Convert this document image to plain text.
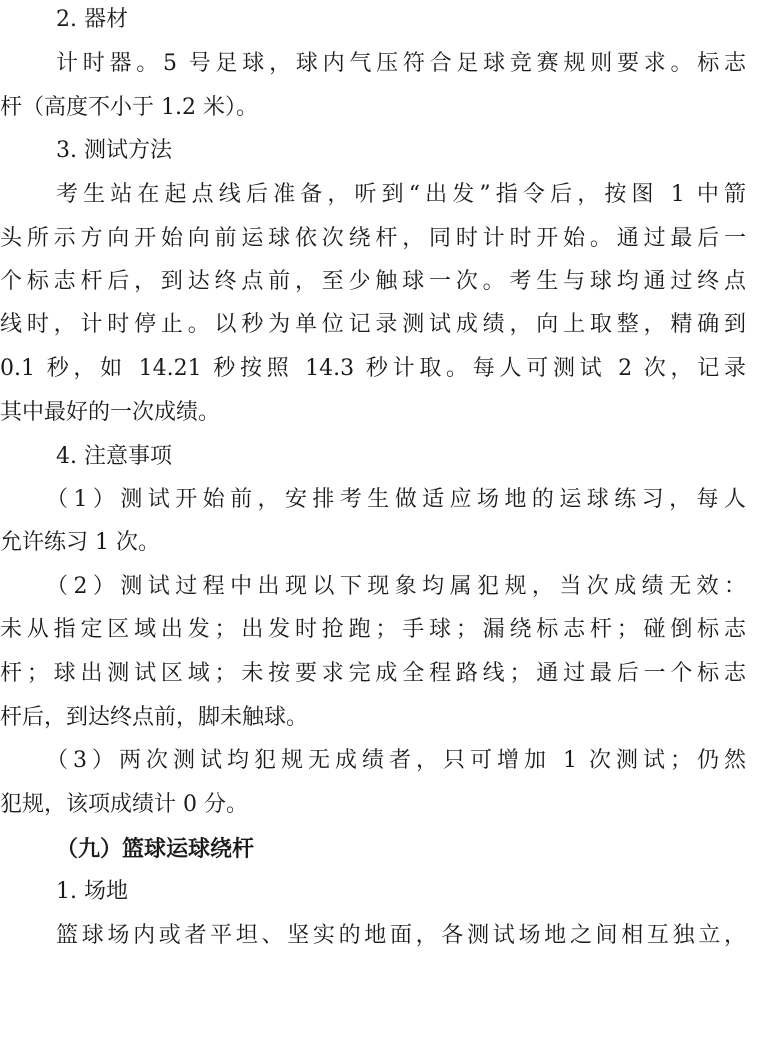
2. 器材
计时器。5 号足球，球内气压符合足球竞赛规则要求。标志
杆（高度不小于 1.2 米）。
3. 测试方法
考生站在起点线后准备，听到“出发”指令后，按图 1 中箭
头所示方向开始向前运球依次绕杆，同时计时开始。通过最后一
个标志杆后，到达终点前，至少触球一次。考生与球均通过终点
线时，计时停止。以秒为单位记录测试成绩，向上取整，精确到
0.1 秒，如 14.21 秒按照 14.3 秒计取。每人可测试 2 次，记录
其中最好的一次成绩。
4. 注意事项
（1）测试开始前，安排考生做适应场地的运球练习，每人
允许练习 1 次。
（2）测试过程中出现以下现象均属犯规，当次成绩无效：
未从指定区域出发；出发时抢跑；手球；漏绕标志杆；碰倒标志
杆；球出测试区域；未按要求完成全程路线；通过最后一个标志
杆后，到达终点前，脚未触球。
（3）两次测试均犯规无成绩者，只可增加 1 次测试；仍然
犯规，该项成绩计 0 分。
（九）篮球运球绕杆
1. 场地
篮球场内或者平坦、坚实的地面，各测试场地之间相互独立，
